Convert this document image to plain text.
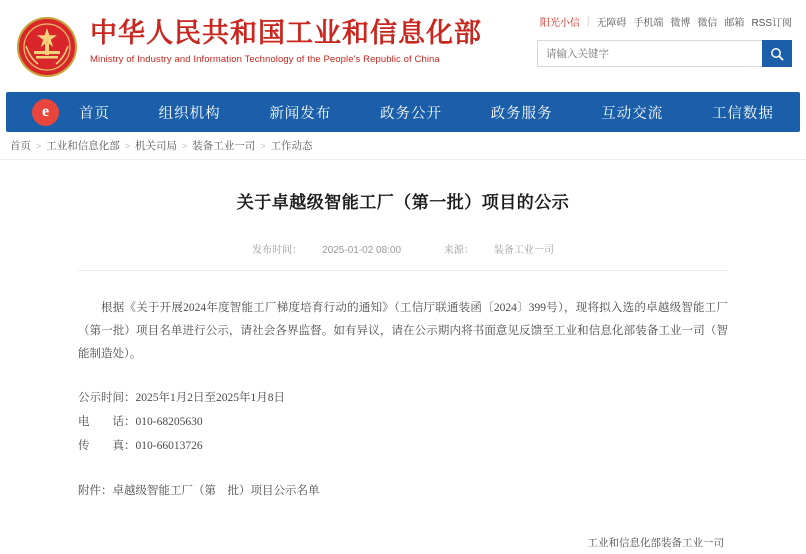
中华人民共和国工业和信息化部
Ministry of Industry and Information Technology of the People's Republic of China
阳光小信 | 无障碍 手机端 微博 微信 邮箱 RSS订阅
请输入关键字
e	首页	组织机构	新闻发布	政务公开	政务服务	互动交流	工信数据
首页 > 工业和信息化部 > 机关司局 > 装备工业一司 > 工作动态
关于卓越级智能工厂（第一批）项目的公示
发布时间： 2025-01-02 08:00	来源： 装备工业一司
根据《关于开展2024年度智能工厂梯度培育行动的通知》（工信厅联通装函〔2024〕399号），现将拟入选的卓越级智能工厂（第一批）项目名单进行公示，请社会各界监督。如有异议，请在公示期内将书面意见反馈至工业和信息化部装备工业一司（智能制造处）。
公示时间：2025年1月2日至2025年1月8日
电　　话：010-68205630
传　　真：010-66013726
附件：卓越级智能工厂（第　批）项目公示名单
工业和信息化部装备工业一司
